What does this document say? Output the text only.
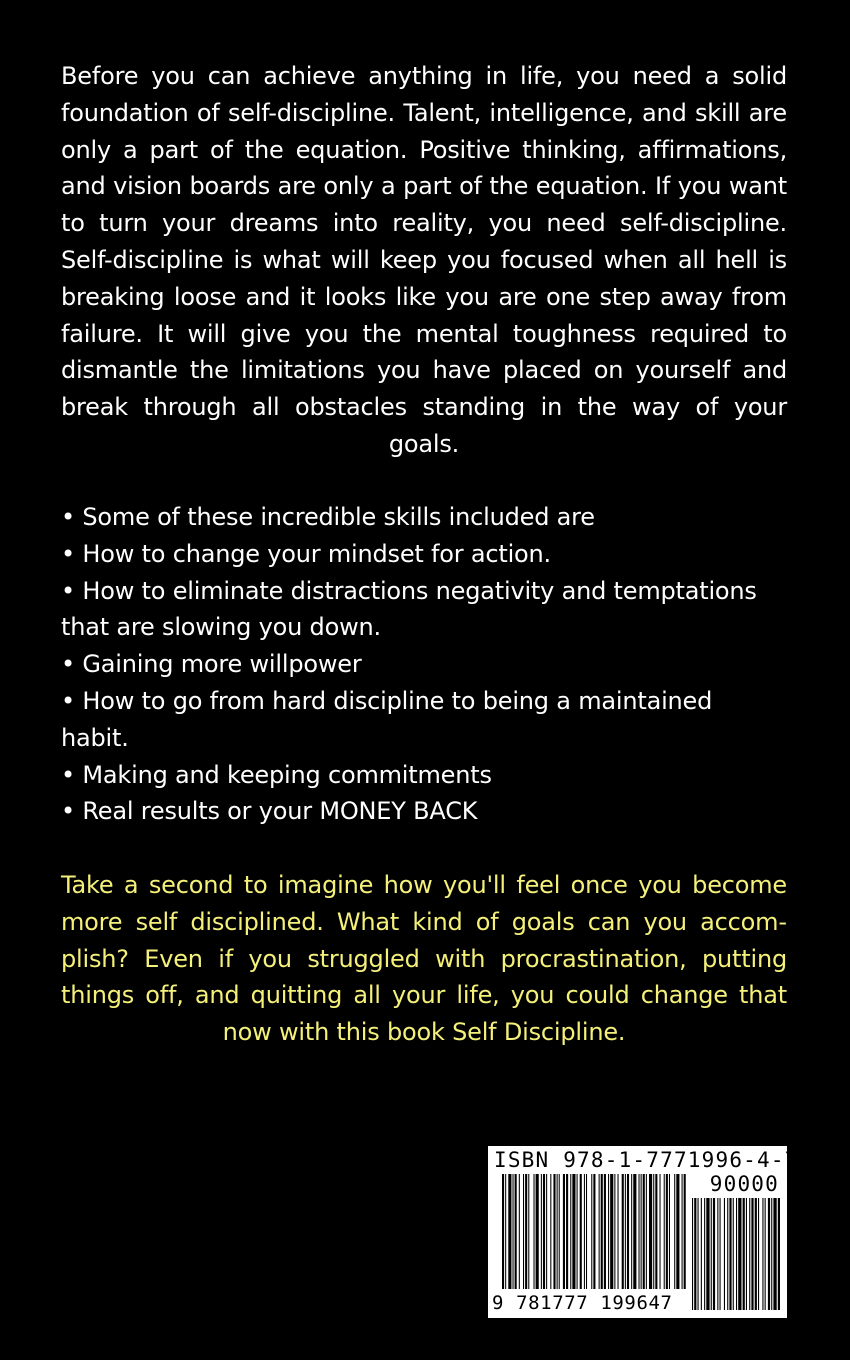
Before you can achieve anything in life, you need a solid foundation of self-discipline. Talent, intelligence, and skill are only a part of the equation. Positive thinking, affirmations, and vision boards are only a part of the equation. If you want to turn your dreams into reality, you need self-discipline. Self-discipline is what will keep you focused when all hell is breaking loose and it looks like you are one step away from failure. It will give you the mental toughness required to dismantle the limitations you have placed on yourself and break through all obstacles standing in the way of your goals.

• Some of these incredible skills included are
• How to change your mindset for action.
• How to eliminate distractions negativity and temptations that are slowing you down.
• Gaining more willpower
• How to go from hard discipline to being a maintained habit.
• Making and keeping commitments
• Real results or your MONEY BACK

Take a second to imagine how you'll feel once you become more self disciplined. What kind of goals can you accomplish? Even if you struggled with procrastination, putting things off, and quitting all your life, you could change that now with this book Self Discipline.

ISBN 978-1-7771996-4-7
90000
9 781777 199647
